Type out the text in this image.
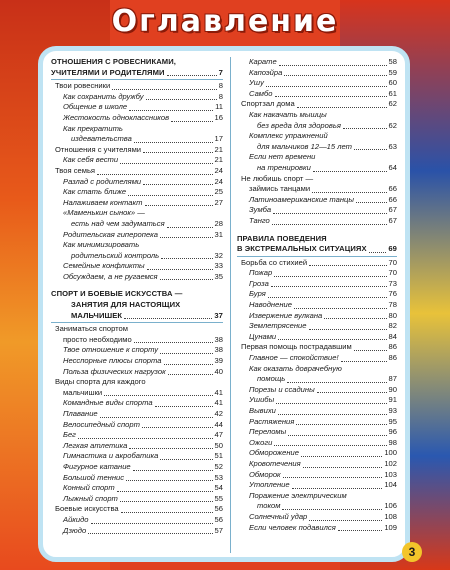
Оглавление
ОТНОШЕНИЯ С РОВЕСНИКАМИ,
УЧИТЕЛЯМИ И РОДИТЕЛЯМИ	7
Твои ровесники	8
Как сохранить дружбу	8
Общение в школе	11
Жестокость одноклассников	16
Как прекратить
издевательства	17
Отношения с учителями	21
Как себя вести	21
Твоя семья	24
Разлад с родителями	24
Как стать ближе	25
Налаживаем контакт	27
«Маменькин сынок» —
есть над чем задуматься	28
Родительская гиперопека	31
Как минимизировать
родительский контроль	32
Семейные конфликты	33
Обсуждаем, а не ругаемся	35
СПОРТ И БОЕВЫЕ ИСКУССТВА —
ЗАНЯТИЯ ДЛЯ НАСТОЯЩИХ
МАЛЬЧИШЕК	37
Заниматься спортом
просто необходимо	38
Твое отношение к спорту	38
Несспорные плюсы спорта	39
Польза физических нагрузок	40
Виды спорта для каждого
мальчишки	41
Командные виды спорта	41
Плавание	42
Велосипедный спорт	44
Бег	47
Легкая атлетика	50
Гимнастика и акробатика	51
Фигурное катание	52
Большой теннис	53
Конный спорт	54
Лыжный спорт	55
Боевые искусства	56
Айкидо	56
Дзюдо	57
Карате	58
Капоэйра	59
Ушу	60
Самбо	61
Спортзал дома	62
Как накачать мышцы
без вреда для здоровья	62
Комплекс упражнений
для мальчиков 12—15 лет	63
Если нет времени
на тренировки	64
Не любишь спорт —
займись танцами	66
Латиноамериканские танцы	66
Зумба	67
Танго	67
ПРАВИЛА ПОВЕДЕНИЯ
В ЭКСТРЕМАЛЬНЫХ СИТУАЦИЯХ	69
Борьба со стихией	70
Пожар	70
Гроза	73
Буря	76
Наводнение	78
Извержение вулкана	80
Землетрясение	82
Цунами	84
Первая помощь пострадавшим	86
Главное — спокойствие!	86
Как оказать доврачебную
помощь	87
Порезы и ссадины	90
Ушибы	91
Вывихи	93
Растяжения	95
Переломы	96
Ожоги	98
Обморожение	100
Кровотечения	102
Обморок	103
Утопление	104
Поражение электрическим
током	106
Солнечный удар	108
Если человек подавился	109
3
